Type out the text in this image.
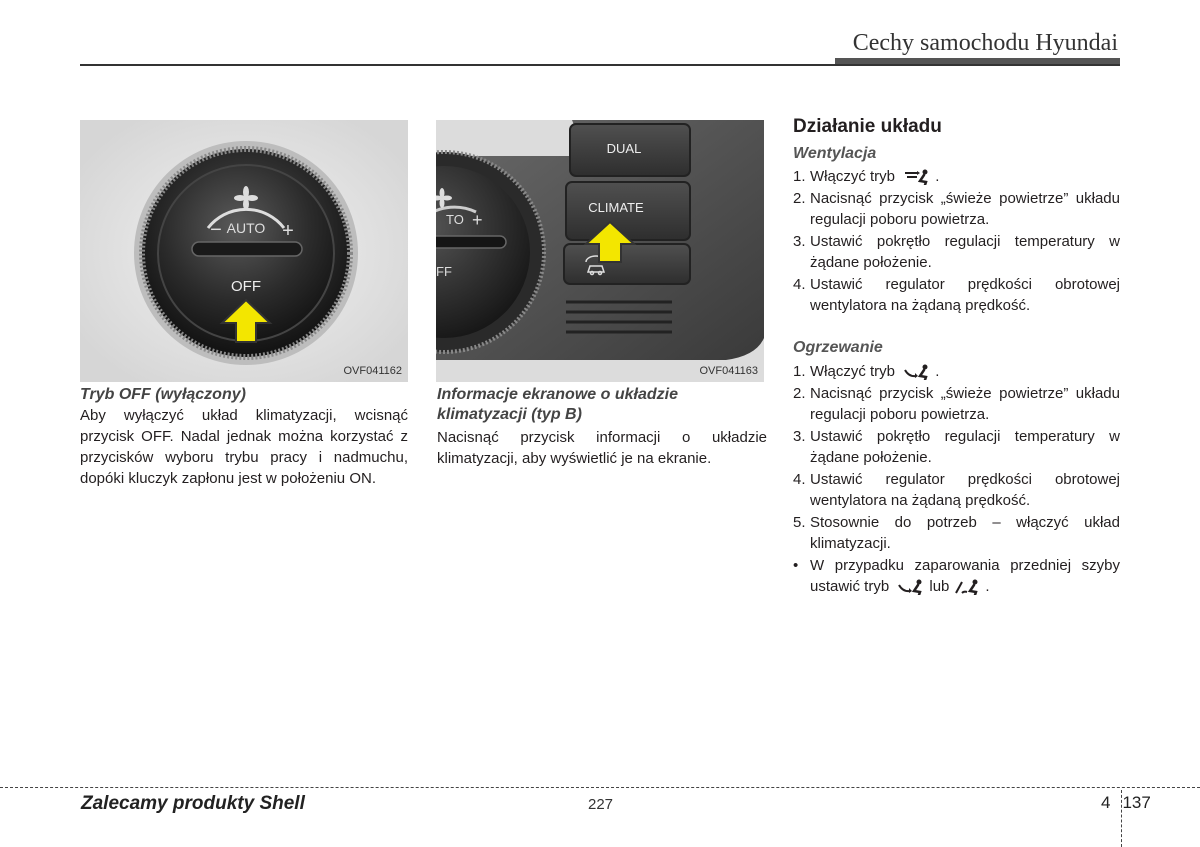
Cechy samochodu Hyundai
AUTO
−	+
OFF
OVF041162
TO +
FF
DUAL
CLIMATE
OVF041163
Tryb OFF (wyłączony)
Aby wyłączyć układ klimatyzacji, wcisnąć przycisk OFF. Nadal jednak można korzystać z przycisków wyboru trybu pracy i nadmuchu, dopóki kluczyk zapłonu jest w położeniu ON.
Informacje ekranowe o układzie klimatyzacji (typ B)
Nacisnąć przycisk informacji o układzie klimatyzacji, aby wyświetlić je na ekranie.
Działanie układu
Wentylacja
1. Włączyć tryb	.
2. Nacisnąć przycisk „świeże powietrze” układu regulacji poboru powietrza.
3. Ustawić pokrętło regulacji temperatury w żądane położenie.
4. Ustawić regulator prędkości obrotowej wentylatora na żądaną prędkość.
Ogrzewanie
1. Włączyć tryb	.
2. Nacisnąć przycisk „świeże powietrze” układu regulacji poboru powietrza.
3. Ustawić pokrętło regulacji temperatury w żądane położenie.
4. Ustawić regulator prędkości obrotowej wentylatora na żądaną prędkość.
5. Stosownie do potrzeb – włączyć układ klimatyzacji.
• W przypadku zaparowania przedniej szyby ustawić tryb	lub .
Zalecamy produkty Shell	227	4 137
